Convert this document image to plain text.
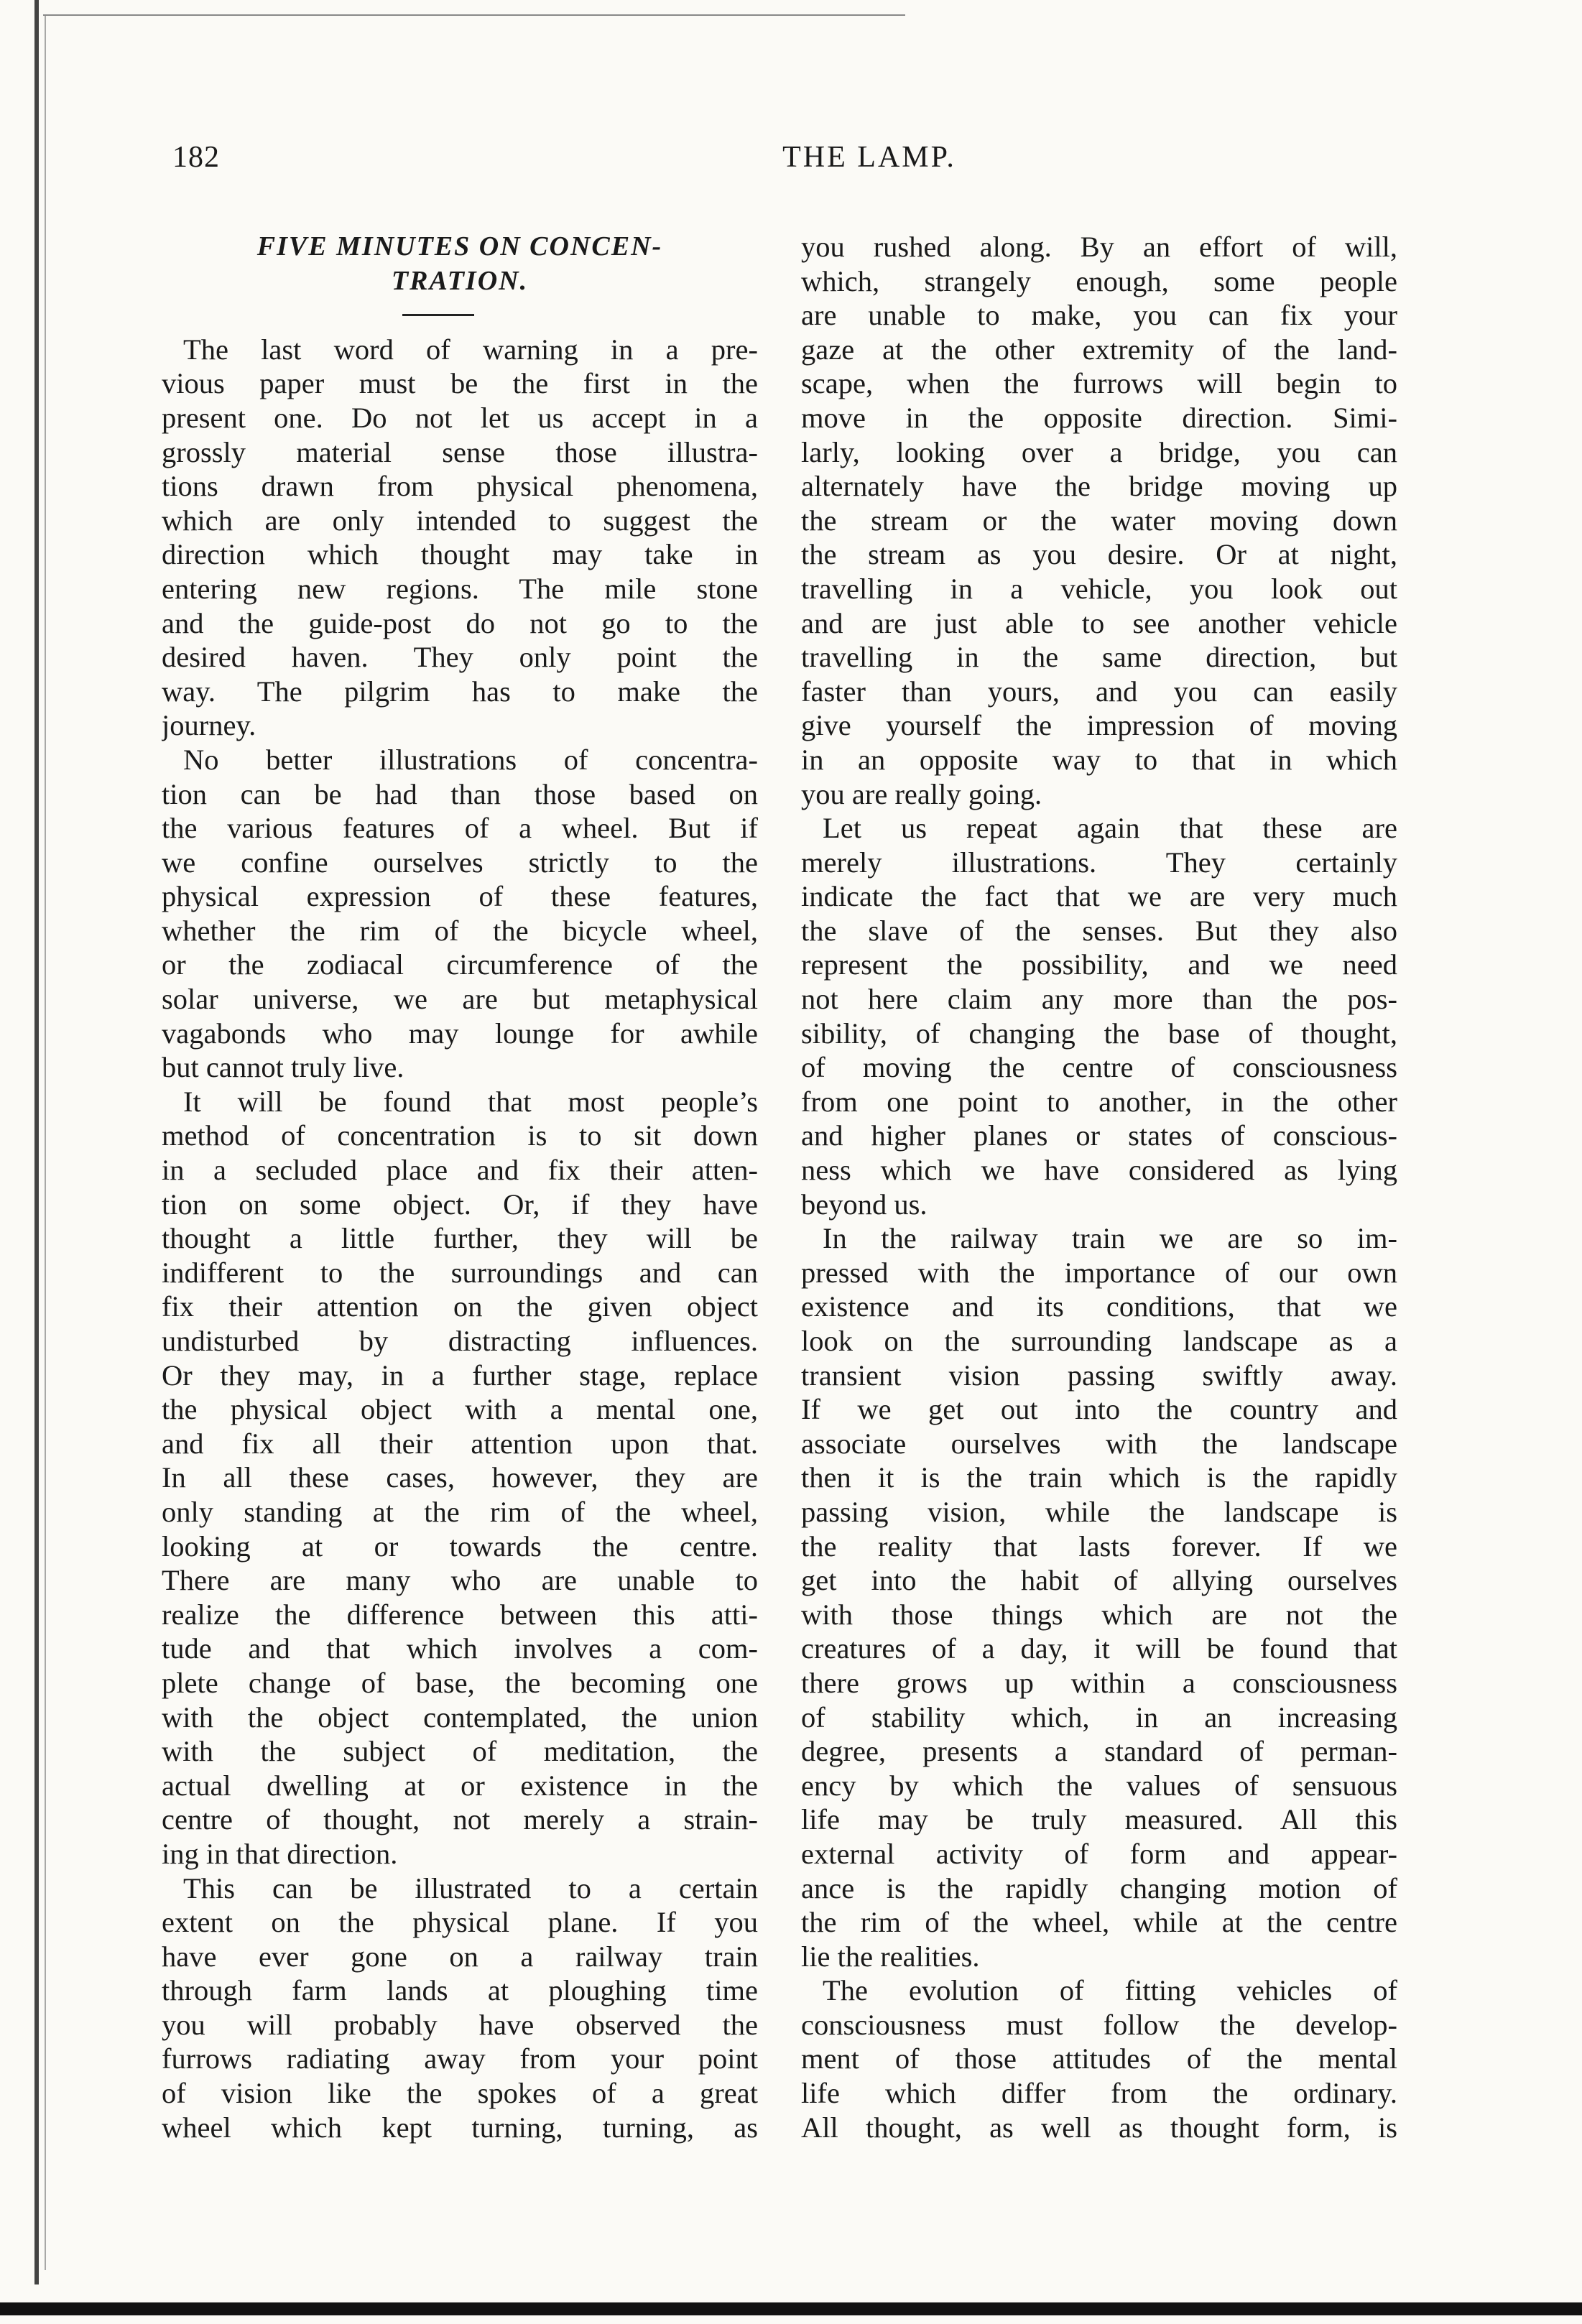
182	THE LAMP.
FIVE MINUTES ON CONCEN-
TRATION.
The last word of warning in a pre-
vious paper must be the first in the
present one. Do not let us accept in a
grossly material sense those illustra-
tions drawn from physical phenomena,
which are only intended to suggest the
direction which thought may take in
entering new regions. The mile stone
and the guide-post do not go to the
desired haven. They only point the
way. The pilgrim has to make the
journey.
No better illustrations of concentra-
tion can be had than those based on
the various features of a wheel. But if
we confine ourselves strictly to the
physical expression of these features,
whether the rim of the bicycle wheel,
or the zodiacal circumference of the
solar universe, we are but metaphysical
vagabonds who may lounge for awhile
but cannot truly live.
It will be found that most people’s
method of concentration is to sit down
in a secluded place and fix their atten-
tion on some object. Or, if they have
thought a little further, they will be
indifferent to the surroundings and can
fix their attention on the given object
undisturbed by distracting influences.
Or they may, in a further stage, replace
the physical object with a mental one,
and fix all their attention upon that.
In all these cases, however, they are
only standing at the rim of the wheel,
looking at or towards the centre.
There are many who are unable to
realize the difference between this atti-
tude and that which involves a com-
plete change of base, the becoming one
with the object contemplated, the union
with the subject of meditation, the
actual dwelling at or existence in the
centre of thought, not merely a strain-
ing in that direction.
This can be illustrated to a certain
extent on the physical plane. If you
have ever gone on a railway train
through farm lands at ploughing time
you will probably have observed the
furrows radiating away from your point
of vision like the spokes of a great
wheel which kept turning, turning, as
you rushed along. By an effort of will,
which, strangely enough, some people
are unable to make, you can fix your
gaze at the other extremity of the land-
scape, when the furrows will begin to
move in the opposite direction. Simi-
larly, looking over a bridge, you can
alternately have the bridge moving up
the stream or the water moving down
the stream as you desire. Or at night,
travelling in a vehicle, you look out
and are just able to see another vehicle
travelling in the same direction, but
faster than yours, and you can easily
give yourself the impression of moving
in an opposite way to that in which
you are really going.
Let us repeat again that these are
merely illustrations. They certainly
indicate the fact that we are very much
the slave of the senses. But they also
represent the possibility, and we need
not here claim any more than the pos-
sibility, of changing the base of thought,
of moving the centre of consciousness
from one point to another, in the other
and higher planes or states of conscious-
ness which we have considered as lying
beyond us.
In the railway train we are so im-
pressed with the importance of our own
existence and its conditions, that we
look on the surrounding landscape as a
transient vision passing swiftly away.
If we get out into the country and
associate ourselves with the landscape
then it is the train which is the rapidly
passing vision, while the landscape is
the reality that lasts forever. If we
get into the habit of allying ourselves
with those things which are not the
creatures of a day, it will be found that
there grows up within a consciousness
of stability which, in an increasing
degree, presents a standard of perman-
ency by which the values of sensuous
life may be truly measured. All this
external activity of form and appear-
ance is the rapidly changing motion of
the rim of the wheel, while at the centre
lie the realities.
The evolution of fitting vehicles of
consciousness must follow the develop-
ment of those attitudes of the mental
life which differ from the ordinary.
All thought, as well as thought form, is
